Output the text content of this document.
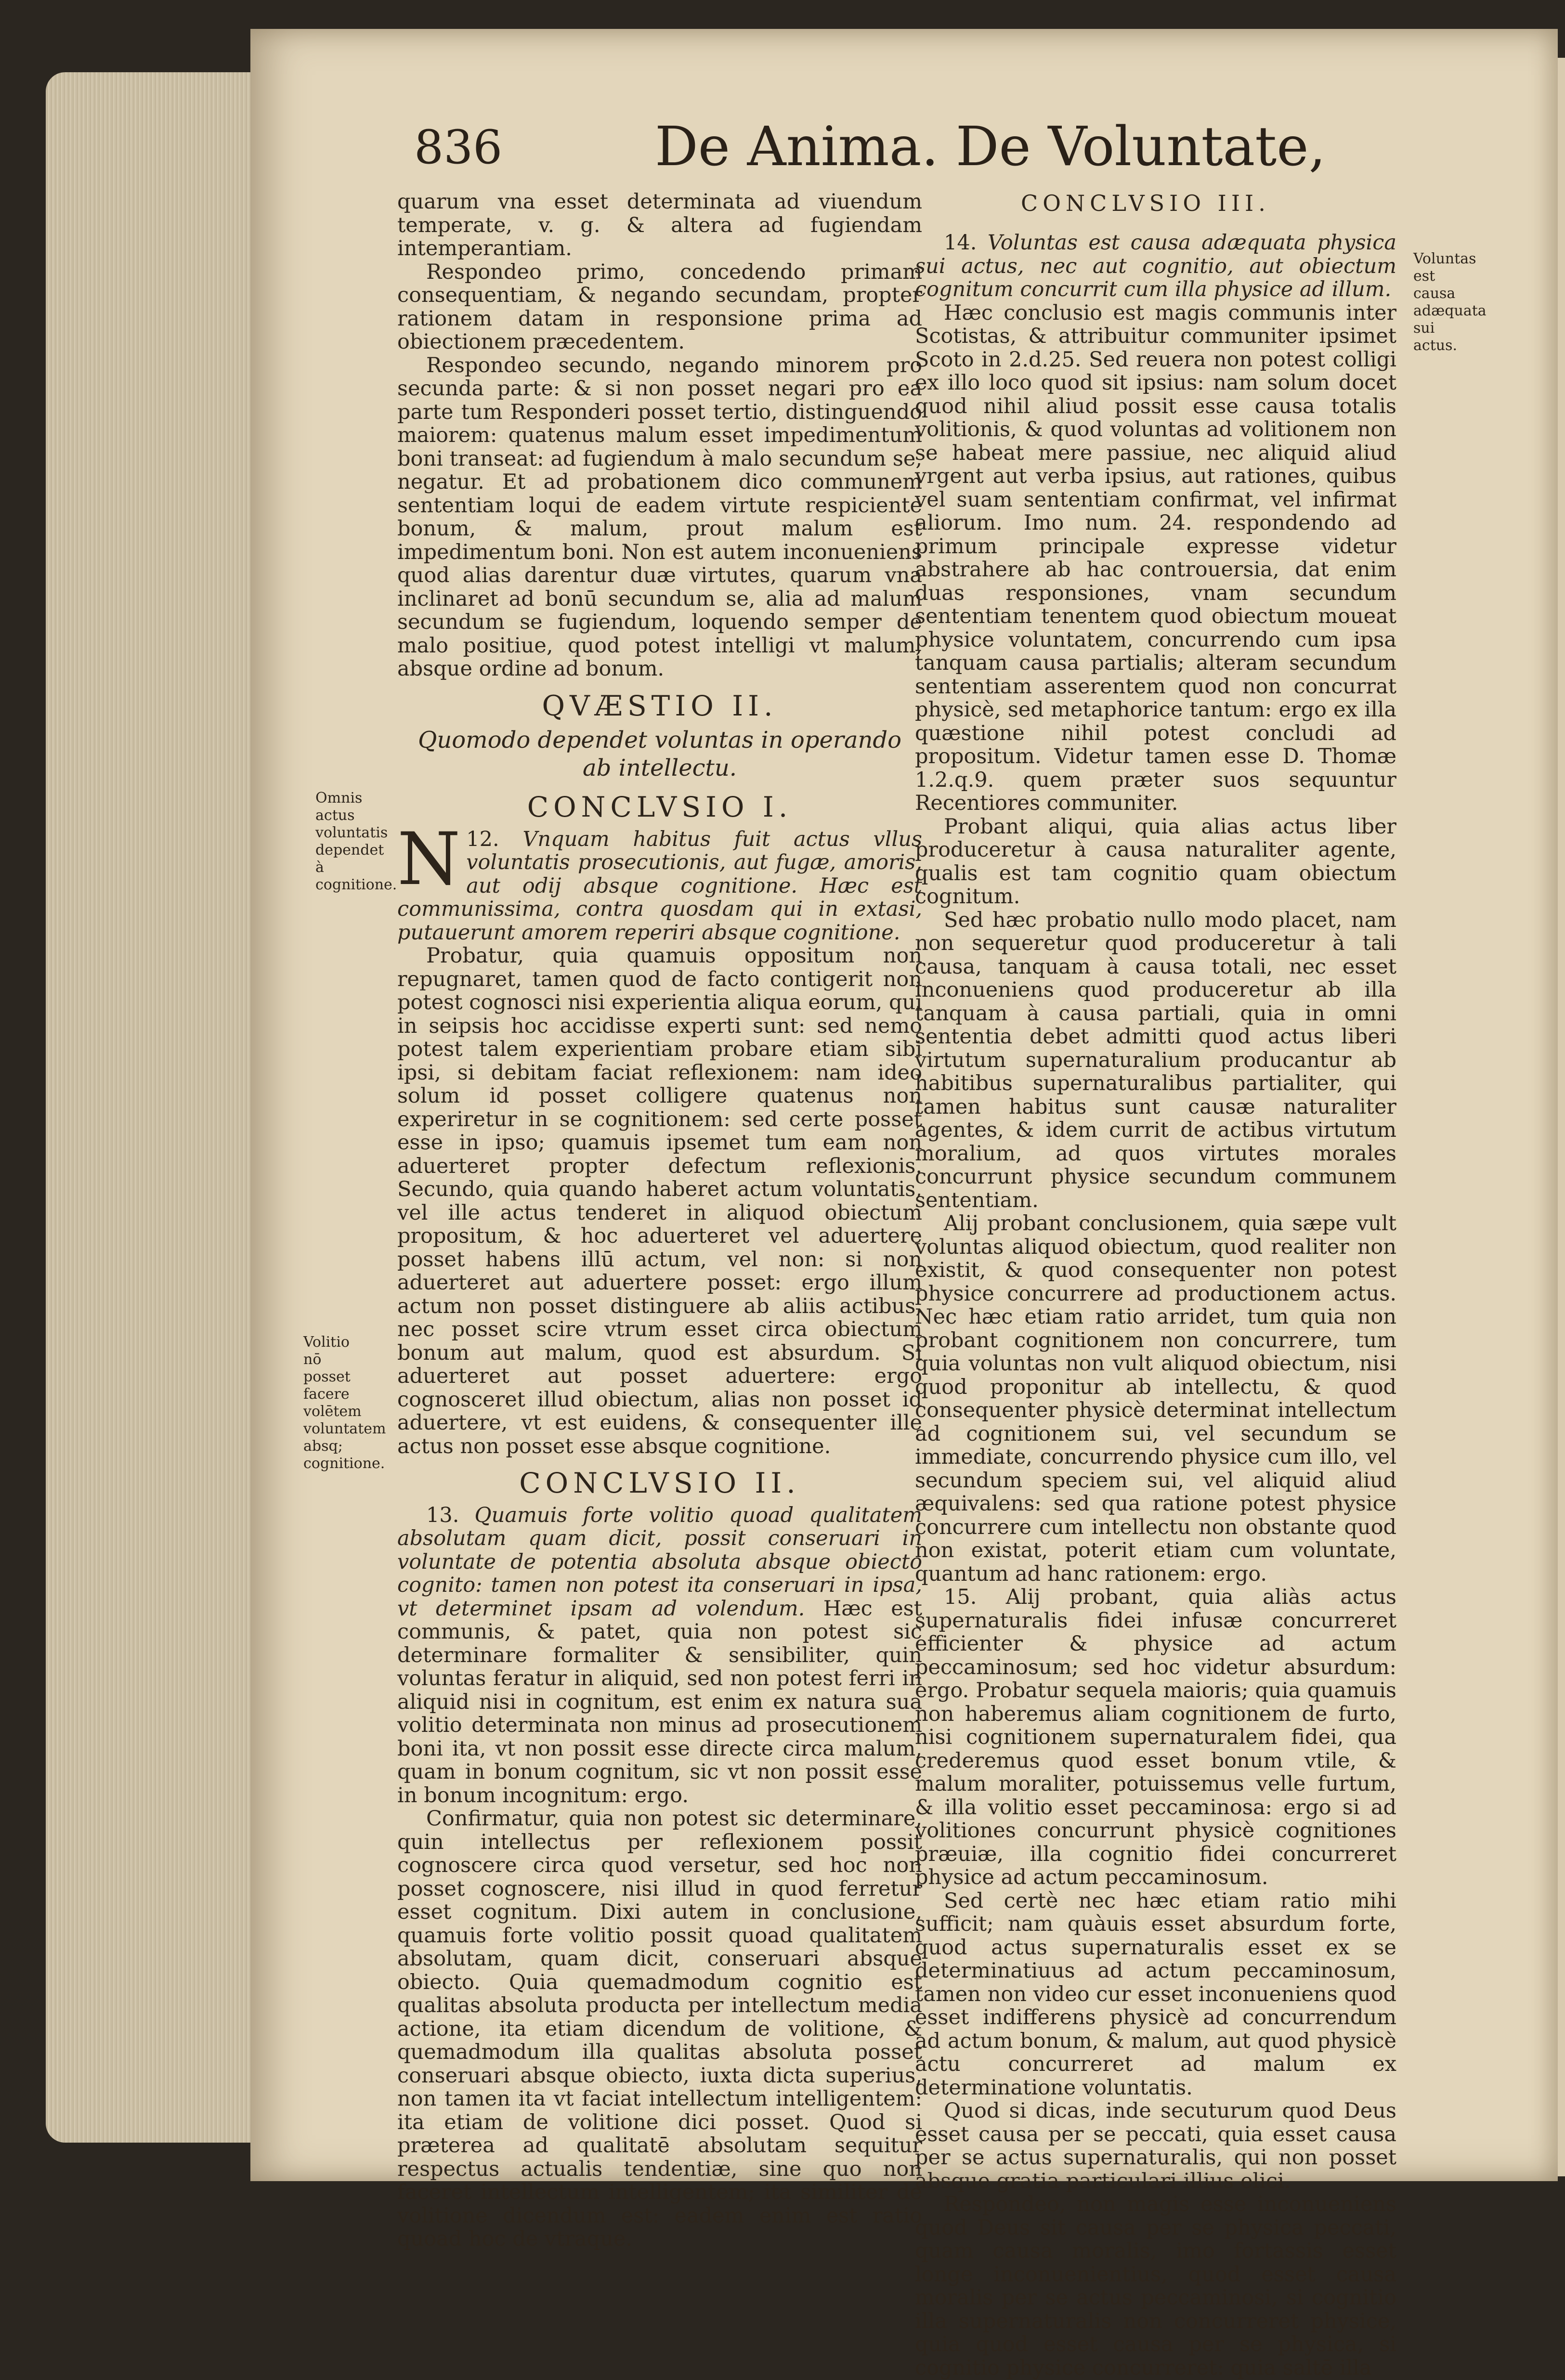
836	De Anima. De Voluntate,
CONCLVSIO III.

quarum vna esset determinata ad viuendum temperate, v. g. & altera ad fugiendam intemperantiam.

Respondeo primo, concedendo primam consequentiam, & negando secundam, propter rationem datam in responsione prima ad obiectionem præcedentem.

Respondeo secundo, negando minorem pro secunda parte: & si non posset negari pro ea parte tum Responderi posset tertio, distinguendo maiorem: quatenus malum esset impedimentum boni transeat: ad fugiendum à malo secundum se, negatur. Et ad probationem dico communem sententiam loqui de eadem virtute respiciente bonum, & malum, prout malum est impedimentum boni. Non est autem inconueniens quod alias darentur duæ virtutes, quarum vna inclinaret ad bonū secundum se, alia ad malum secundum se fugiendum, loquendo semper de malo positiue, quod potest intelligi vt malum, absque ordine ad bonum.

QVÆSTIO II.
Quomodo dependet voluntas in operando
ab intellectu.
CONCLVSIO I.

12.
N	Vnquam habitus fuit actus vllus voluntatis prosecutionis, aut fugæ, amoris, aut odij absque cognitione. Hæc est communissima, contra quosdam qui in extasi, putauerunt amorem reperiri absque cognitione.

Probatur, quia quamuis oppositum non repugnaret, tamen quod de facto contigerit non potest cognosci nisi experientia aliqua eorum, qui in seipsis hoc accidisse experti sunt: sed nemo potest talem experientiam probare etiam sibi ipsi, si debitam faciat reflexionem: nam ideo solum id posset colligere quatenus non experiretur in se cognitionem: sed certe posset esse in ipso; quamuis ipsemet tum eam non aduerteret propter defectum reflexionis. Secundo, quia quando haberet actum voluntatis, vel ille actus tenderet in aliquod obiectum propositum, & hoc aduerteret vel aduertere posset habens illū actum, vel non: si non aduerteret aut aduertere posset: ergo illum actum non posset distinguere ab aliis actibus, nec posset scire vtrum esset circa obiectum bonum aut malum, quod est absurdum. Si aduerteret aut posset aduertere: ergo cognosceret illud obiectum, alias non posset id aduertere, vt est euidens, & consequenter ille actus non posset esse absque cognitione.

CONCLVSIO II.

13. Quamuis forte volitio quoad qualitatem absolutam quam dicit, possit conseruari in voluntate de potentia absoluta absque obiecto cognito: tamen non potest ita conseruari in ipsa, vt determinet ipsam ad volendum. Hæc est communis, & patet, quia non potest sic determinare formaliter & sensibiliter, quin voluntas feratur in aliquid, sed non potest ferri in aliquid nisi in cognitum, est enim ex natura sua volitio determinata non minus ad prosecutionem boni ita, vt non possit esse directe circa malum, quam in bonum cognitum, sic vt non possit esse in bonum incognitum: ergo.

Confirmatur, quia non potest sic determinare, quin intellectus per reflexionem possit cognoscere circa quod versetur, sed hoc non posset cognoscere, nisi illud in quod ferretur esset cognitum. Dixi autem in conclusione, quamuis forte volitio possit quoad qualitatem absolutam, quam dicit, conseruari absque obiecto. Quia quemadmodum cognitio est qualitas absoluta producta per intellectum media actione, ita etiam dicendum de volitione, & quemadmodum illa qualitas absoluta posset conseruari absque obiecto, iuxta dicta superius, non tamen ita vt faciat intellectum intelligentem: ita etiam de volitione dici posset. Quod si præterea ad qualitatē absolutam sequitur respectus actualis tendentiæ, sine quo non faceret intellectum intelligentem; ita similiter de volitione dicendum est: eadem enim est ratio quoad hoc de vtraque.

14. Voluntas est causa adæquata physica sui actus, nec aut cognitio, aut obiectum cognitum concurrit cum illa physice ad illum.

Hæc conclusio est magis communis inter Scotistas, & attribuitur communiter ipsimet Scoto in 2.d.25. Sed reuera non potest colligi ex illo loco quod sit ipsius: nam solum docet quod nihil aliud possit esse causa totalis volitionis, & quod voluntas ad volitionem non se habeat mere passiue, nec aliquid aliud vrgent aut verba ipsius, aut rationes, quibus vel suam sententiam confirmat, vel infirmat aliorum. Imo num. 24. respondendo ad primum principale expresse videtur abstrahere ab hac controuersia, dat enim duas responsiones, vnam secundum sententiam tenentem quod obiectum moueat physice voluntatem, concurrendo cum ipsa tanquam causa partialis; alteram secundum sententiam asserentem quod non concurrat physicè, sed metaphorice tantum: ergo ex illa quæstione nihil potest concludi ad propositum. Videtur tamen esse D. Thomæ 1.2.q.9. quem præter suos sequuntur Recentiores communiter.

Probant aliqui, quia alias actus liber produceretur à causa naturaliter agente, qualis est tam cognitio quam obiectum cognitum.

Sed hæc probatio nullo modo placet, nam non sequeretur quod produceretur à tali causa, tanquam à causa totali, nec esset inconueniens quod produceretur ab illa tanquam à causa partiali, quia in omni sententia debet admitti quod actus liberi virtutum supernaturalium producantur ab habitibus supernaturalibus partialiter, qui tamen habitus sunt causæ naturaliter agentes, & idem currit de actibus virtutum moralium, ad quos virtutes morales concurrunt physice secundum communem sententiam.

Alij probant conclusionem, quia sæpe vult voluntas aliquod obiectum, quod realiter non existit, & quod consequenter non potest physice concurrere ad productionem actus. Nec hæc etiam ratio arridet, tum quia non probant cognitionem non concurrere, tum quia voluntas non vult aliquod obiectum, nisi quod proponitur ab intellectu, & quod consequenter physicè determinat intellectum ad cognitionem sui, vel secundum se immediate, concurrendo physice cum illo, vel secundum speciem sui, vel aliquid aliud æquivalens: sed qua ratione potest physice concurrere cum intellectu non obstante quod non existat, poterit etiam cum voluntate, quantum ad hanc rationem: ergo.

15. Alij probant, quia aliàs actus supernaturalis fidei infusæ concurreret efficienter & physice ad actum peccaminosum; sed hoc videtur absurdum: ergo. Probatur sequela maioris; quia quamuis non haberemus aliam cognitionem de furto, nisi cognitionem supernaturalem fidei, qua crederemus quod esset bonum vtile, & malum moraliter, potuissemus velle furtum, & illa volitio esset peccaminosa: ergo si ad volitiones concurrunt physicè cognitiones præuiæ, illa cognitio fidei concurreret physice ad actum peccaminosum.

Sed certè nec hæc etiam ratio mihi sufficit; nam quàuis esset absurdum forte, quod actus supernaturalis esset ex se determinatiuus ad actum peccaminosum, tamen non video cur esset inconueniens quod esset indifferens physicè ad concurrendum ad actum bonum, & malum, aut quod physicè actu concurreret ad malum ex determinatione voluntatis.

Quod si dicas, inde secuturum quod Deus esset causa per se peccati, quia esset causa per se actus supernaturalis, qui non posset absque gratia particulari illius elici.

Respondeo, non magis esse inconueniens quod Deus sit causa per se physica peccati, quam causa moralis, imo fortassis esset longe inconuenientius, quod esset causa moralis per se actus peccaminosi, si cognitio illa supernaturalis non concurreret physice, quia quod esset causa per se physica, si cognitio physice concurreret: quia saltē illa

Omnis actus voluntatis dependet à cognitione.
Volitio nō posset facere volētem voluntatem absq; cognitione.
Voluntas est causa adæquata sui actus.
